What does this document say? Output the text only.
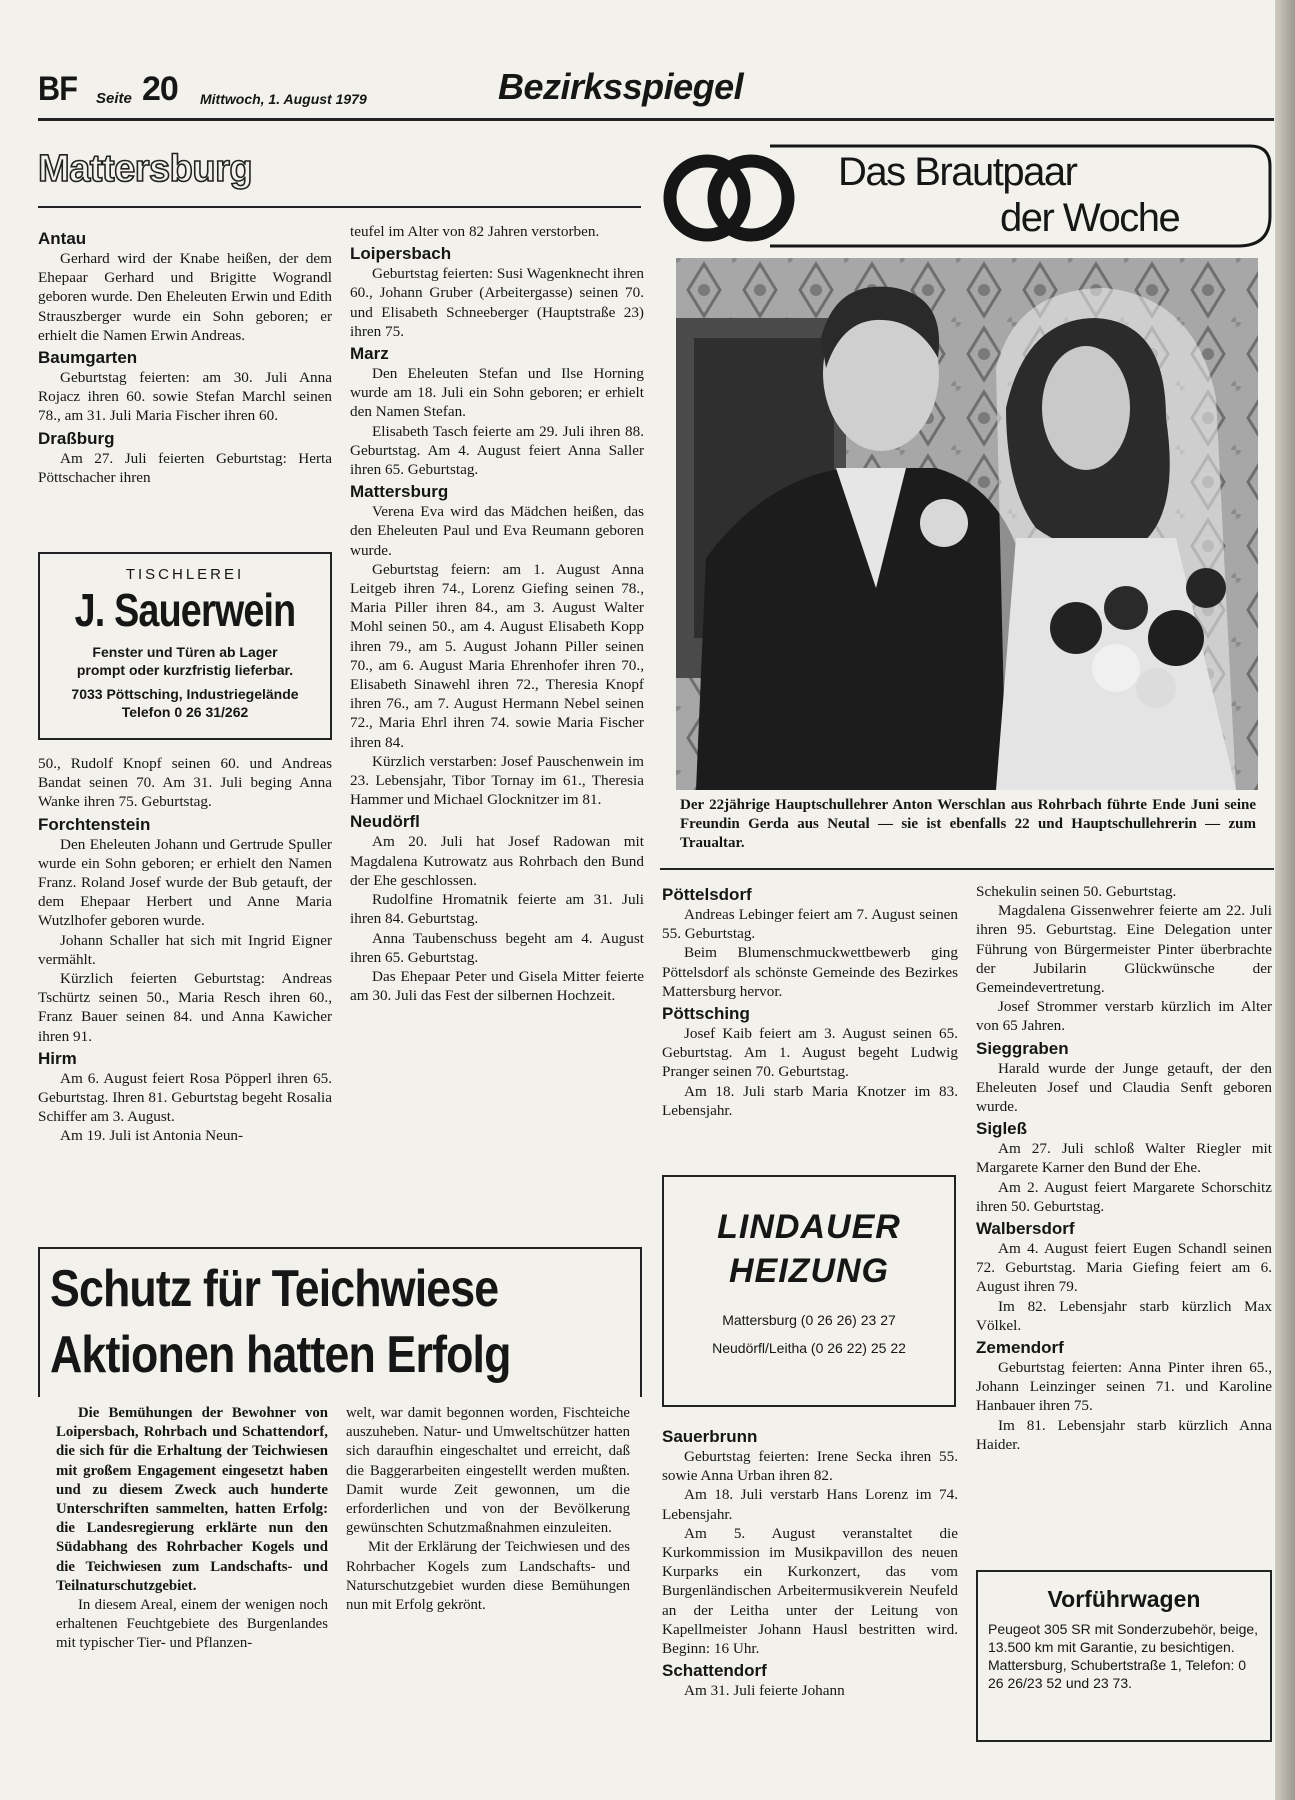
BF Seite 20 Mittwoch, 1. August 1979	Bezirksspiegel
Mattersburg
Antau

Gerhard wird der Knabe heißen, der dem Ehepaar Gerhard und Brigitte Wograndl geboren wurde. Den Eheleuten Erwin und Edith Strauszberger wurde ein Sohn geboren; er erhielt die Namen Erwin Andreas.

Baumgarten

Geburtstag feierten: am 30. Juli Anna Rojacz ihren 60. sowie Stefan Marchl seinen 78., am 31. Juli Maria Fischer ihren 60.

Draßburg

Am 27. Juli feierten Geburtstag: Herta Pöttschacher ihren

TISCHLEREI
J. Sauerwein
Fenster und Türen ab Lager
prompt oder kurzfristig lieferbar.
7033 Pöttsching, Industriegelände
Telefon 0 26 31/262

50., Rudolf Knopf seinen 60. und Andreas Bandat seinen 70. Am 31. Juli beging Anna Wanke ihren 75. Geburtstag.

Forchtenstein

Den Eheleuten Johann und Gertrude Spuller wurde ein Sohn geboren; er erhielt den Namen Franz. Roland Josef wurde der Bub getauft, der dem Ehepaar Herbert und Anne Maria Wutzlhofer geboren wurde.

Johann Schaller hat sich mit Ingrid Eigner vermählt.

Kürzlich feierten Geburtstag: Andreas Tschürtz seinen 50., Maria Resch ihren 60., Franz Bauer seinen 84. und Anna Kawicher ihren 91.

Hirm

Am 6. August feiert Rosa Pöpperl ihren 65. Geburtstag. Ihren 81. Geburtstag begeht Rosalia Schiffer am 3. August.

Am 19. Juli ist Antonia Neun-

teufel im Alter von 82 Jahren verstorben.

Loipersbach

Geburtstag feierten: Susi Wagenknecht ihren 60., Johann Gruber (Arbeitergasse) seinen 70. und Elisabeth Schneeberger (Hauptstraße 23) ihren 75.

Marz

Den Eheleuten Stefan und Ilse Horning wurde am 18. Juli ein Sohn geboren; er erhielt den Namen Stefan.

Elisabeth Tasch feierte am 29. Juli ihren 88. Geburtstag. Am 4. August feiert Anna Saller ihren 65. Geburtstag.

Mattersburg

Verena Eva wird das Mädchen heißen, das den Eheleuten Paul und Eva Reumann geboren wurde.

Geburtstag feiern: am 1. August Anna Leitgeb ihren 74., Lorenz Giefing seinen 78., Maria Piller ihren 84., am 3. August Walter Mohl seinen 50., am 4. August Elisabeth Kopp ihren 79., am 5. August Johann Piller seinen 70., am 6. August Maria Ehrenhofer ihren 70., Elisabeth Sinawehl ihren 72., Theresia Knopf ihren 76., am 7. August Hermann Nebel seinen 72., Maria Ehrl ihren 74. sowie Maria Fischer ihren 84.

Kürzlich verstarben: Josef Pauschenwein im 23. Lebensjahr, Tibor Tornay im 61., Theresia Hammer und Michael Glocknitzer im 81.

Neudörfl

Am 20. Juli hat Josef Radowan mit Magdalena Kutrowatz aus Rohrbach den Bund der Ehe geschlossen.

Rudolfine Hromatnik feierte am 31. Juli ihren 84. Geburtstag.

Anna Taubenschuss begeht am 4. August ihren 65. Geburtstag.

Das Ehepaar Peter und Gisela Mitter feierte am 30. Juli das Fest der silbernen Hochzeit.

Schutz für Teichwiese
Aktionen hatten Erfolg

Die Bemühungen der Bewohner von Loipersbach, Rohrbach und Schattendorf, die sich für die Erhaltung der Teichwiesen mit großem Engagement eingesetzt haben und zu diesem Zweck auch hunderte Unterschriften sammelten, hatten Erfolg: die Landesregierung erklärte nun den Südabhang des Rohrbacher Kogels und die Teichwiesen zum Landschafts- und Teilnaturschutzgebiet.

In diesem Areal, einem der wenigen noch erhaltenen Feuchtgebiete des Burgenlandes mit typischer Tier- und Pflanzen-

welt, war damit begonnen worden, Fischteiche auszuheben. Natur- und Umweltschützer hatten sich daraufhin eingeschaltet und erreicht, daß die Baggerarbeiten eingestellt werden mußten. Damit wurde Zeit gewonnen, um die erforderlichen und von der Bevölkerung gewünschten Schutzmaßnahmen einzuleiten.

Mit der Erklärung der Teichwiesen und des Rohrbacher Kogels zum Landschafts- und Naturschutzgebiet wurden diese Bemühungen nun mit Erfolg gekrönt.

Das Brautpaar
der Woche
Der 22jährige Hauptschullehrer Anton Werschlan aus Rohrbach führte Ende Juni seine Freundin Gerda aus Neutal — sie ist ebenfalls 22 und Hauptschullehrerin — zum Traualtar.
Pöttelsdorf

Andreas Lebinger feiert am 7. August seinen 55. Geburtstag.

Beim Blumenschmuckwettbewerb ging Pöttelsdorf als schönste Gemeinde des Bezirkes Mattersburg hervor.

Pöttsching

Josef Kaib feiert am 3. August seinen 65. Geburtstag. Am 1. August begeht Ludwig Pranger seinen 70. Geburtstag.

Am 18. Juli starb Maria Knotzer im 83. Lebensjahr.

LINDAUER
HEIZUNG
Mattersburg (0 26 26) 23 27
Neudörfl/Leitha (0 26 22) 25 22
Sauerbrunn

Geburtstag feierten: Irene Secka ihren 55. sowie Anna Urban ihren 82.

Am 18. Juli verstarb Hans Lorenz im 74. Lebensjahr.

Am 5. August veranstaltet die Kurkommission im Musikpavillon des neuen Kurparks ein Kurkonzert, das vom Burgenländischen Arbeitermusikverein Neufeld an der Leitha unter der Leitung von Kapellmeister Johann Hausl bestritten wird. Beginn: 16 Uhr.

Schattendorf

Am 31. Juli feierte Johann

Schekulin seinen 50. Geburtstag.

Magdalena Gissenwehrer feierte am 22. Juli ihren 95. Geburtstag. Eine Delegation unter Führung von Bürgermeister Pinter überbrachte der Jubilarin Glückwünsche der Gemeindevertretung.

Josef Strommer verstarb kürzlich im Alter von 65 Jahren.

Sieggraben

Harald wurde der Junge getauft, der den Eheleuten Josef und Claudia Senft geboren wurde.

Sigleß

Am 27. Juli schloß Walter Riegler mit Margarete Karner den Bund der Ehe.

Am 2. August feiert Margarete Schorschitz ihren 50. Geburtstag.

Walbersdorf

Am 4. August feiert Eugen Schandl seinen 72. Geburtstag. Maria Giefing feiert am 6. August ihren 79.

Im 82. Lebensjahr starb kürzlich Max Völkel.

Zemendorf

Geburtstag feierten: Anna Pinter ihren 65., Johann Leinzinger seinen 71. und Karoline Hanbauer ihren 75.

Im 81. Lebensjahr starb kürzlich Anna Haider.

Vorführwagen
Peugeot 305 SR mit Sonderzubehör, beige, 13.500 km mit Garantie, zu besichtigen. Mattersburg, Schubertstraße 1, Telefon: 0 26 26/23 52 und 23 73.
